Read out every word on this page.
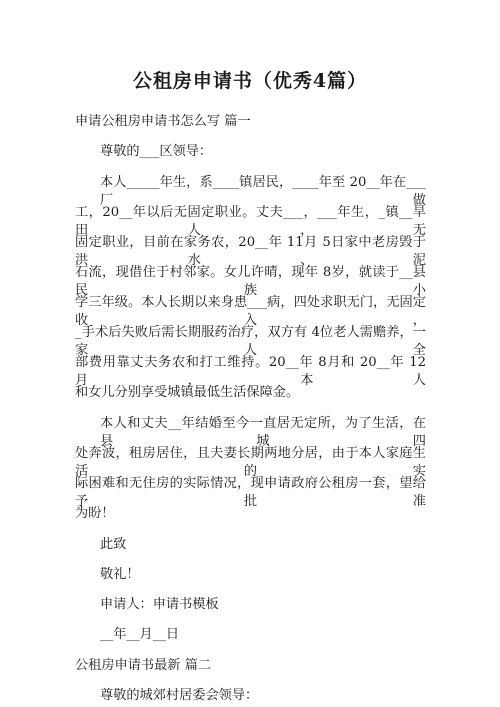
公租房申请书（优秀4篇）

申请公租房申请书怎么写 篇一

尊敬的___区领导：

本人_____年生，系____镇居民，____年至 20__年在___厂做

工，20__年以后无固定职业。丈夫___，___年生，_镇__旱田人，无

固定职业，目前在家务农，20__年 11月 5日家中老房毁于洪水、泥

石流，现借住于村邻家。女儿许晴，现年 8岁，就读于__县民族小

学三年级。本人长期以来身患___病，四处求职无门，无固定收入，

_手术后失败后需长期服药治疗，双方有 4位老人需赡养，一家人全

部费用靠丈夫务农和打工维持。20__年 8月和 20__年 12月，本人

和女儿分别享受城镇最低生活保障金。

本人和丈夫__年结婚至今一直居无定所，为了生活，在县城四

处奔波，租房居住，且夫妻长期两地分居，由于本人家庭生活的实

际困难和无住房的实际情况，现申请政府公租房一套，望给予批准

为盼！

此致

敬礼！

申请人：申请书模板

__年__月__日

公租房申请书最新 篇二

尊敬的城郊村居委会领导：
